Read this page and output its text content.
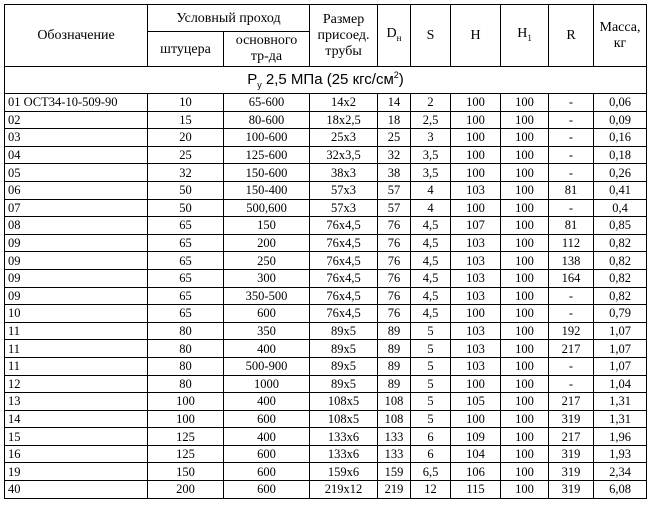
Обозначение	Условный проход		Размер присоед. трубы	$D_н$	S	H	$H_1$	R	Масса, кг
	штуцера	основного тр-да							
$P_у$ 2,5 МПа (25 кгс/$см^2$)									
01 ОСТ34-10-509-90	10	65-600	14x2	14	2	100	100	-	0,06
02	15	80-600	18x2,5	18	2,5	100	100	-	0,09
03	20	100-600	25x3	25	3	100	100	-	0,16
04	25	125-600	32x3,5	32	3,5	100	100	-	0,18
05	32	150-600	38x3	38	3,5	100	100	-	0,26
06	50	150-400	57x3	57	4	103	100	81	0,41
07	50	500,600	57x3	57	4	100	100	-	0,4
08	65	150	76x4,5	76	4,5	107	100	81	0,85
09	65	200	76x4,5	76	4,5	103	100	112	0,82
09	65	250	76x4,5	76	4,5	103	100	138	0,82
09	65	300	76x4,5	76	4,5	103	100	164	0,82
09	65	350-500	76x4,5	76	4,5	103	100	-	0,82
10	65	600	76x4,5	76	4,5	100	100	-	0,79
11	80	350	89x5	89	5	103	100	192	1,07
11	80	400	89x5	89	5	103	100	217	1,07
11	80	500-900	89x5	89	5	103	100	-	1,07
12	80	1000	89x5	89	5	100	100	-	1,04
13	100	400	108x5	108	5	105	100	217	1,31
14	100	600	108x5	108	5	100	100	319	1,31
15	125	400	133x6	133	6	109	100	217	1,96
16	125	600	133x6	133	6	104	100	319	1,93
19	150	600	159x6	159	6,5	106	100	319	2,34
40	200	600	219x12	219	12	115	100	319	6,08
